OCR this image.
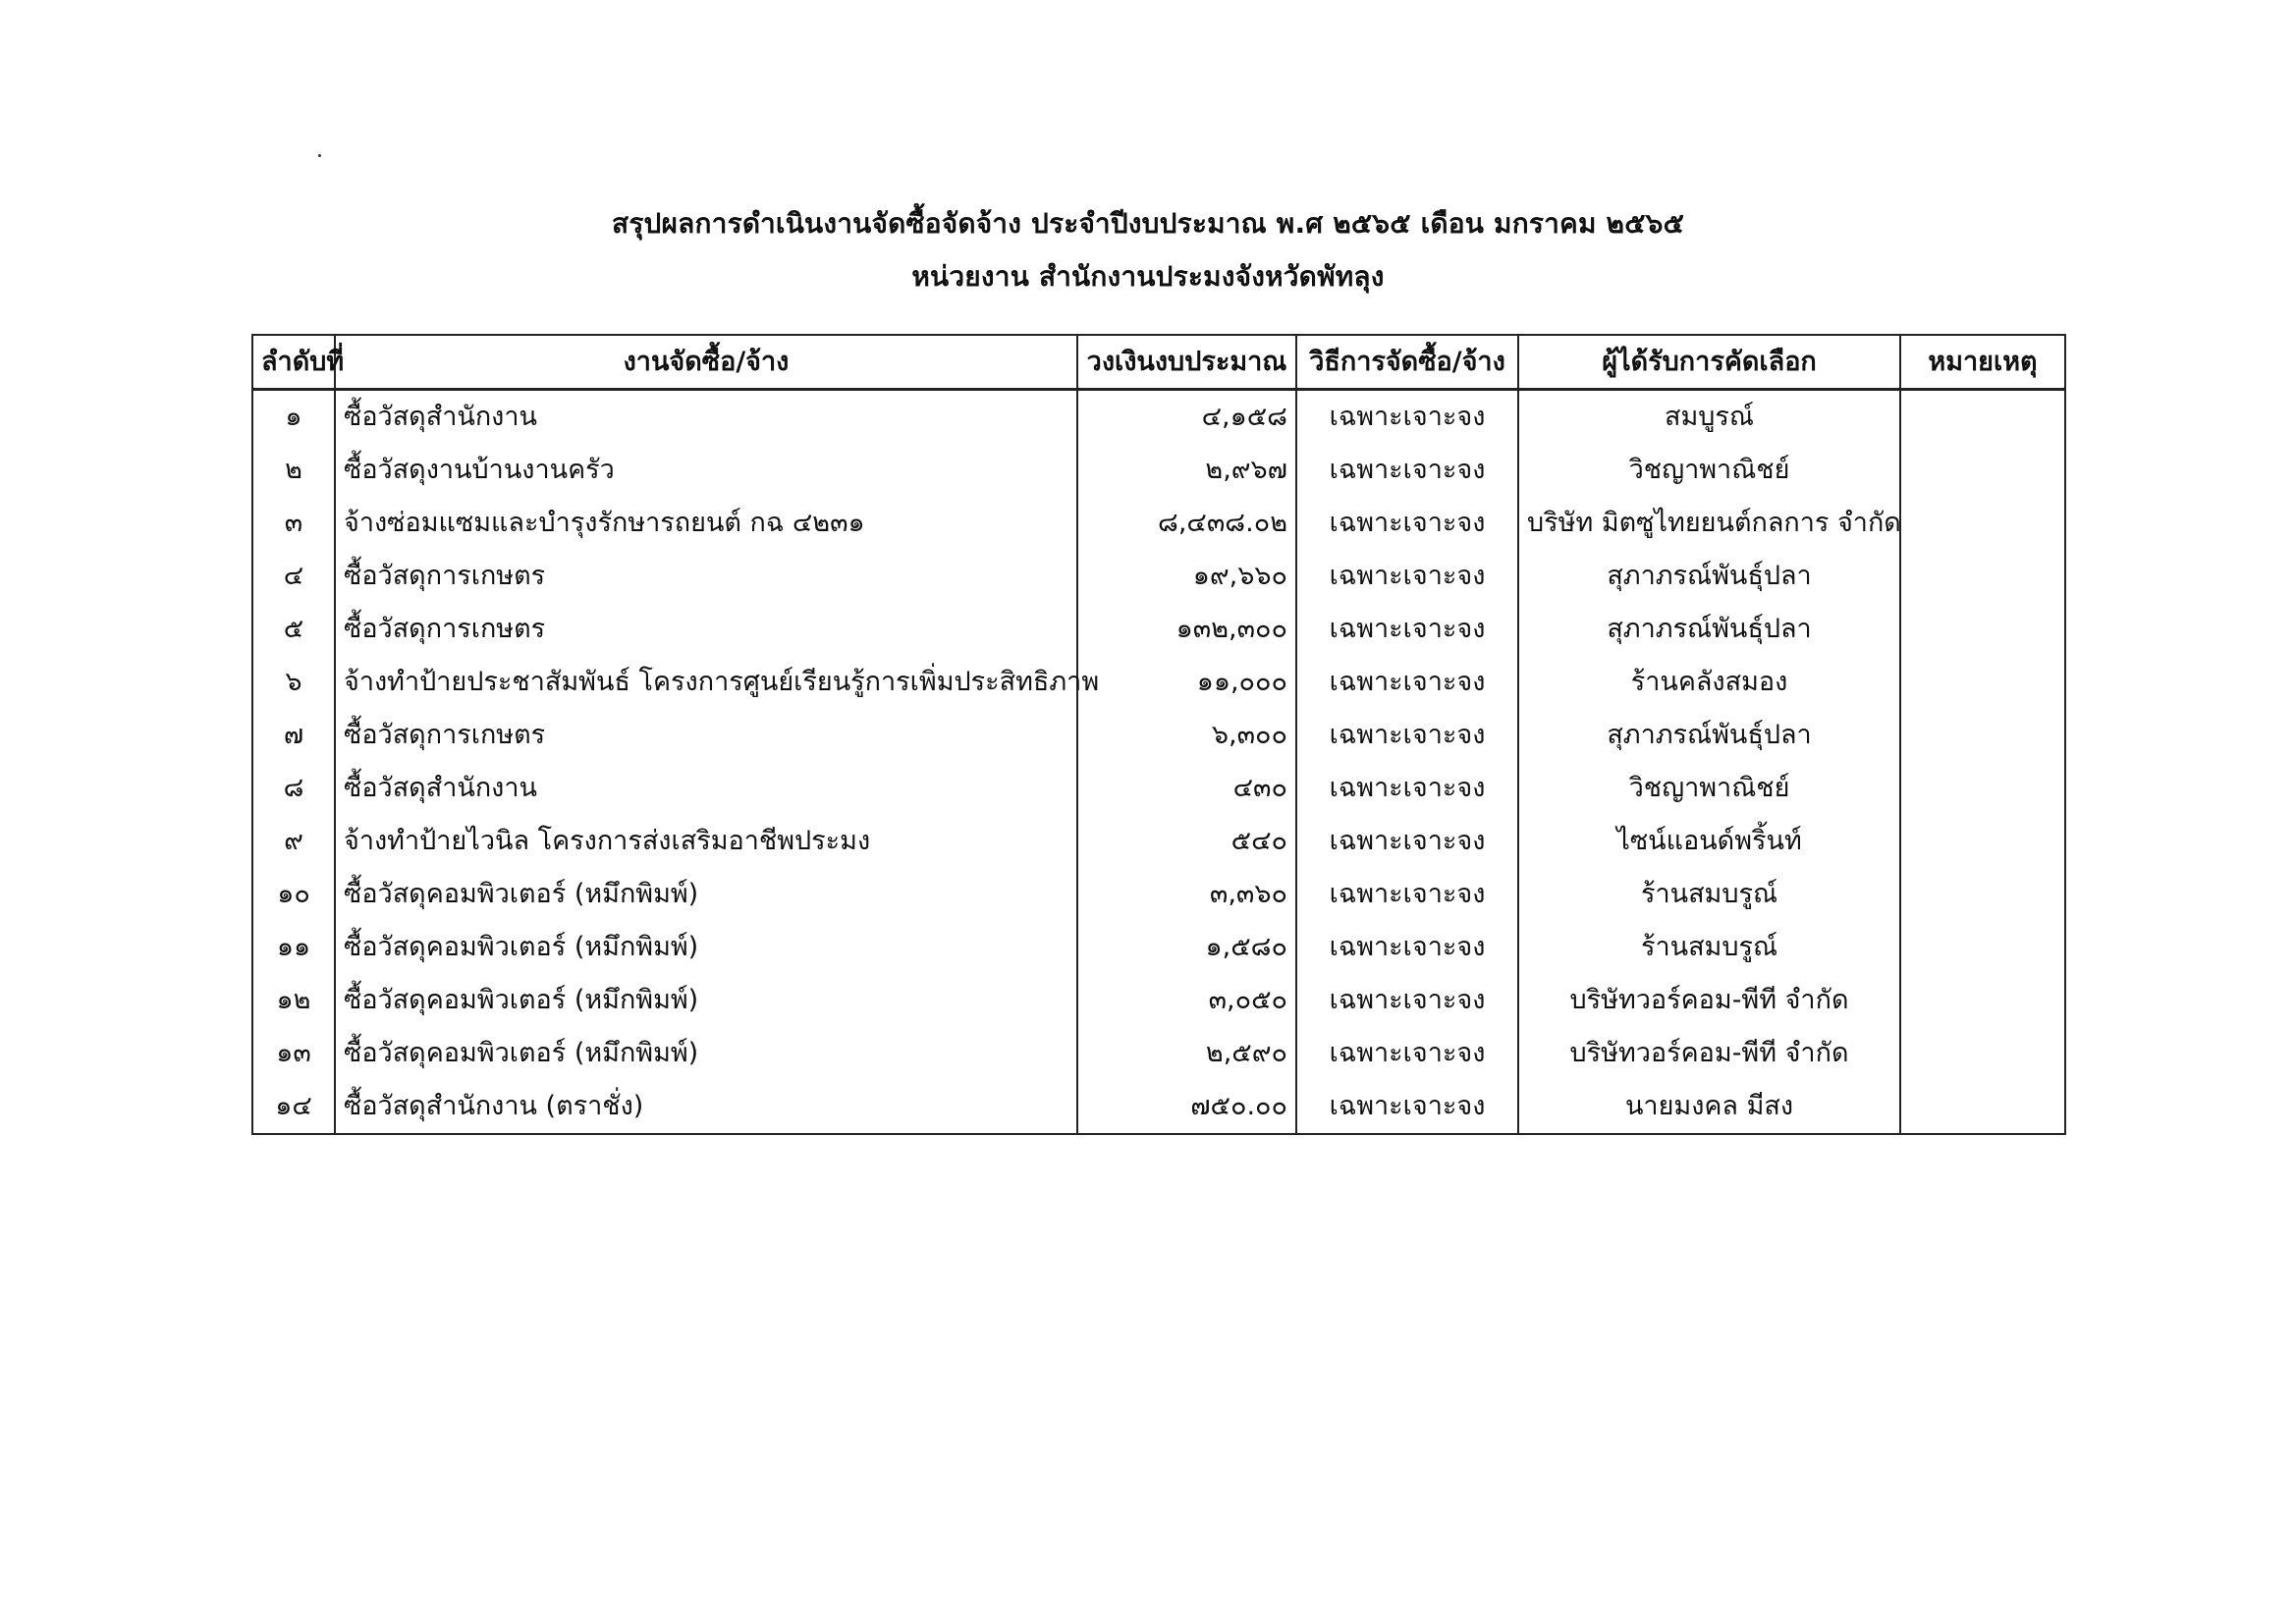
สรุปผลการดำเนินงานจัดซื้อจัดจ้าง ประจำปีงบประมาณ พ.ศ ๒๕๖๕ เดือน มกราคม ๒๕๖๕
หน่วยงาน สำนักงานประมงจังหวัดพัทลุง
ลำดับที่	งานจัดซื้อ/จ้าง	วงเงินงบประมาณ	วิธีการจัดซื้อ/จ้าง	ผู้ได้รับการคัดเลือก	หมายเหตุ
๑	ซื้อวัสดุสำนักงาน	๔,๑๕๘	เฉพาะเจาะจง	สมบูรณ์	
๒	ซื้อวัสดุงานบ้านงานครัว	๒,๙๖๗	เฉพาะเจาะจง	วิชญาพาณิชย์	
๓	จ้างซ่อมแซมและบำรุงรักษารถยนต์ กฉ ๔๒๓๑	๘,๔๓๘.๐๒	เฉพาะเจาะจง	บริษัท มิตซูไทยยนต์กลการ จำกัด	
๔	ซื้อวัสดุการเกษตร	๑๙,๖๖๐	เฉพาะเจาะจง	สุภาภรณ์พันธุ์ปลา	
๕	ซื้อวัสดุการเกษตร	๑๓๒,๓๐๐	เฉพาะเจาะจง	สุภาภรณ์พันธุ์ปลา	
๖	จ้างทำป้ายประชาสัมพันธ์ โครงการศูนย์เรียนรู้การเพิ่มประสิทธิภาพ	๑๑,๐๐๐	เฉพาะเจาะจง	ร้านคลังสมอง	
๗	ซื้อวัสดุการเกษตร	๖,๓๐๐	เฉพาะเจาะจง	สุภาภรณ์พันธุ์ปลา	
๘	ซื้อวัสดุสำนักงาน	๔๓๐	เฉพาะเจาะจง	วิชญาพาณิชย์	
๙	จ้างทำป้ายไวนิล โครงการส่งเสริมอาชีพประมง	๕๔๐	เฉพาะเจาะจง	ไซน์แอนด์พริ้นท์	
๑๐	ซื้อวัสดุคอมพิวเตอร์ (หมึกพิมพ์)	๓,๓๖๐	เฉพาะเจาะจง	ร้านสมบรูณ์	
๑๑	ซื้อวัสดุคอมพิวเตอร์ (หมึกพิมพ์)	๑,๕๘๐	เฉพาะเจาะจง	ร้านสมบรูณ์	
๑๒	ซื้อวัสดุคอมพิวเตอร์ (หมึกพิมพ์)	๓,๐๕๐	เฉพาะเจาะจง	บริษัทวอร์คอม-พีที จำกัด	
๑๓	ซื้อวัสดุคอมพิวเตอร์ (หมึกพิมพ์)	๒,๕๙๐	เฉพาะเจาะจง	บริษัทวอร์คอม-พีที จำกัด	
๑๔	ซื้อวัสดุสำนักงาน (ตราชั่ง)	๗๕๐.๐๐	เฉพาะเจาะจง	นายมงคล มีสง	
